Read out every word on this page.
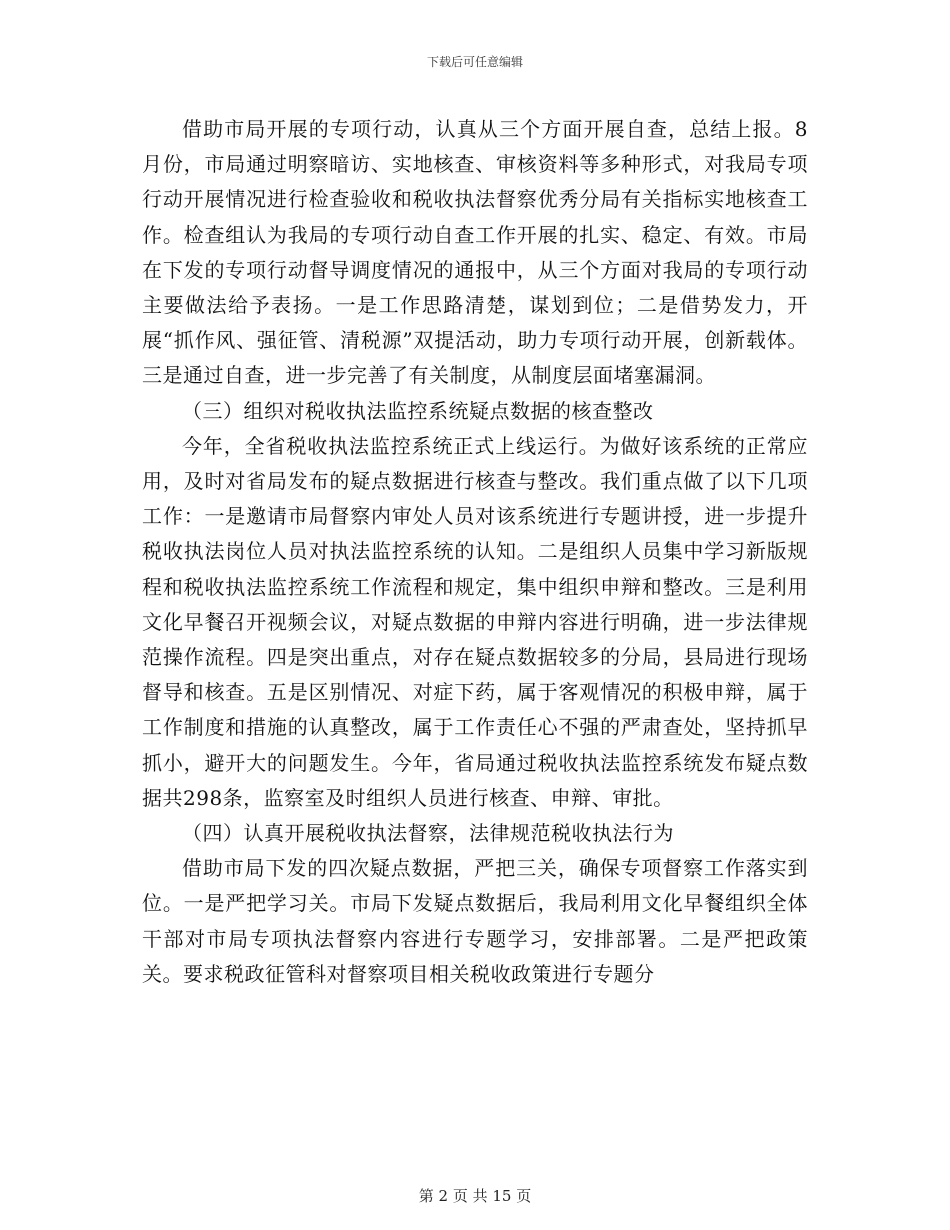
下载后可任意编辑

借助市局开展的专项行动，认真从三个方面开展自查，总结上报。8月份，市局通过明察暗访、实地核查、审核资料等多种形式，对我局专项行动开展情况进行检查验收和税收执法督察优秀分局有关指标实地核查工作。检查组认为我局的专项行动自查工作开展的扎实、稳定、有效。市局在下发的专项行动督导调度情况的通报中，从三个方面对我局的专项行动主要做法给予表扬。一是工作思路清楚，谋划到位；二是借势发力，开展“抓作风、强征管、清税源”双提活动，助力专项行动开展，创新载体。三是通过自查，进一步完善了有关制度，从制度层面堵塞漏洞。

（三）组织对税收执法监控系统疑点数据的核查整改

今年，全省税收执法监控系统正式上线运行。为做好该系统的正常应用，及时对省局发布的疑点数据进行核查与整改。我们重点做了以下几项工作：一是邀请市局督察内审处人员对该系统进行专题讲授，进一步提升税收执法岗位人员对执法监控系统的认知。二是组织人员集中学习新版规程和税收执法监控系统工作流程和规定，集中组织申辩和整改。三是利用文化早餐召开视频会议，对疑点数据的申辩内容进行明确，进一步法律规范操作流程。四是突出重点，对存在疑点数据较多的分局，县局进行现场督导和核查。五是区别情况、对症下药，属于客观情况的积极申辩，属于工作制度和措施的认真整改，属于工作责任心不强的严肃查处，坚持抓早抓小，避开大的问题发生。今年，省局通过税收执法监控系统发布疑点数据共298条，监察室及时组织人员进行核查、申辩、审批。

（四）认真开展税收执法督察，法律规范税收执法行为

借助市局下发的四次疑点数据，严把三关，确保专项督察工作落实到位。一是严把学习关。市局下发疑点数据后，我局利用文化早餐组织全体干部对市局专项执法督察内容进行专题学习，安排部署。二是严把政策关。要求税政征管科对督察项目相关税收政策进行专题分

第 2 页 共 15 页
